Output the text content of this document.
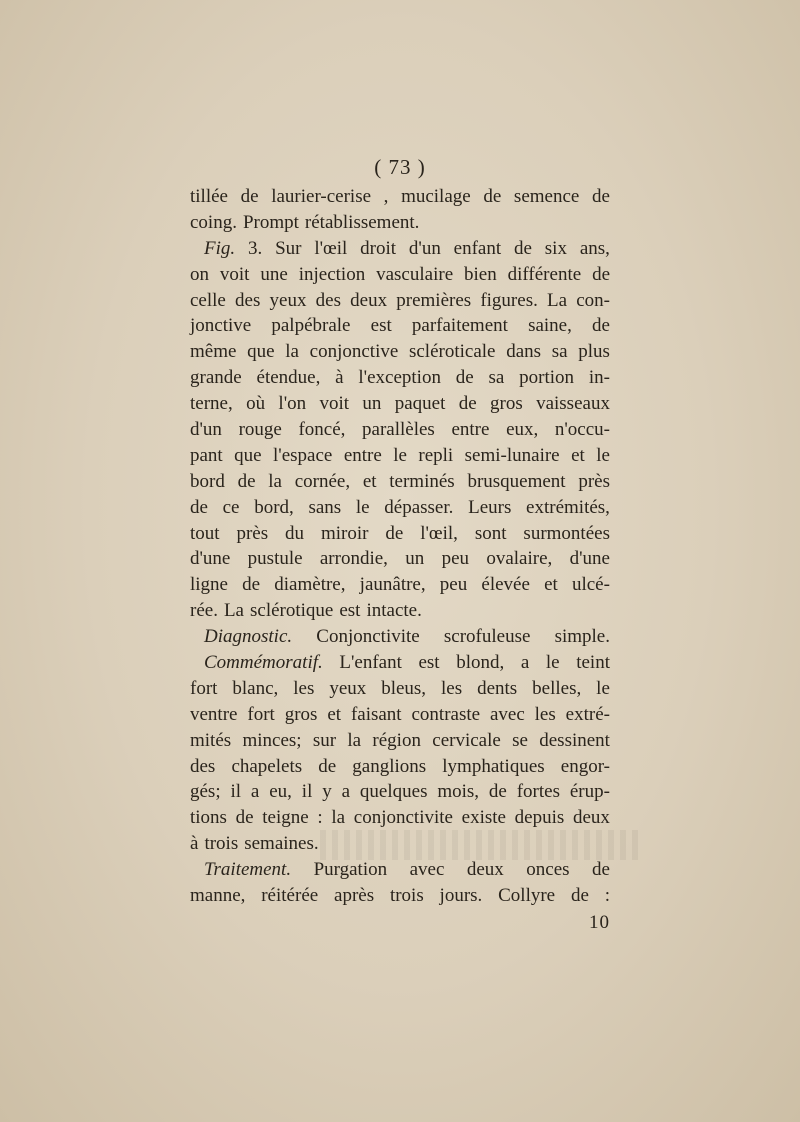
( 73 )
tillée de laurier-cerise , mucilage de semence de
coing. Prompt rétablissement.
Fig. 3. Sur l'œil droit d'un enfant de six ans,
on voit une injection vasculaire bien différente de
celle des yeux des deux premières figures. La con-
jonctive palpébrale est parfaitement saine, de
même que la conjonctive scléroticale dans sa plus
grande étendue, à l'exception de sa portion in-
terne, où l'on voit un paquet de gros vaisseaux
d'un rouge foncé, parallèles entre eux, n'occu-
pant que l'espace entre le repli semi-lunaire et le
bord de la cornée, et terminés brusquement près
de ce bord, sans le dépasser. Leurs extrémités,
tout près du miroir de l'œil, sont surmontées
d'une pustule arrondie, un peu ovalaire, d'une
ligne de diamètre, jaunâtre, peu élevée et ulcé-
rée. La sclérotique est intacte.
Diagnostic. Conjonctivite scrofuleuse simple.
Commémoratif. L'enfant est blond, a le teint
fort blanc, les yeux bleus, les dents belles, le
ventre fort gros et faisant contraste avec les extré-
mités minces; sur la région cervicale se dessinent
des chapelets de ganglions lymphatiques engor-
gés; il a eu, il y a quelques mois, de fortes érup-
tions de teigne : la conjonctivite existe depuis deux
à trois semaines.
Traitement. Purgation avec deux onces de
manne, réitérée après trois jours. Collyre de :
10
